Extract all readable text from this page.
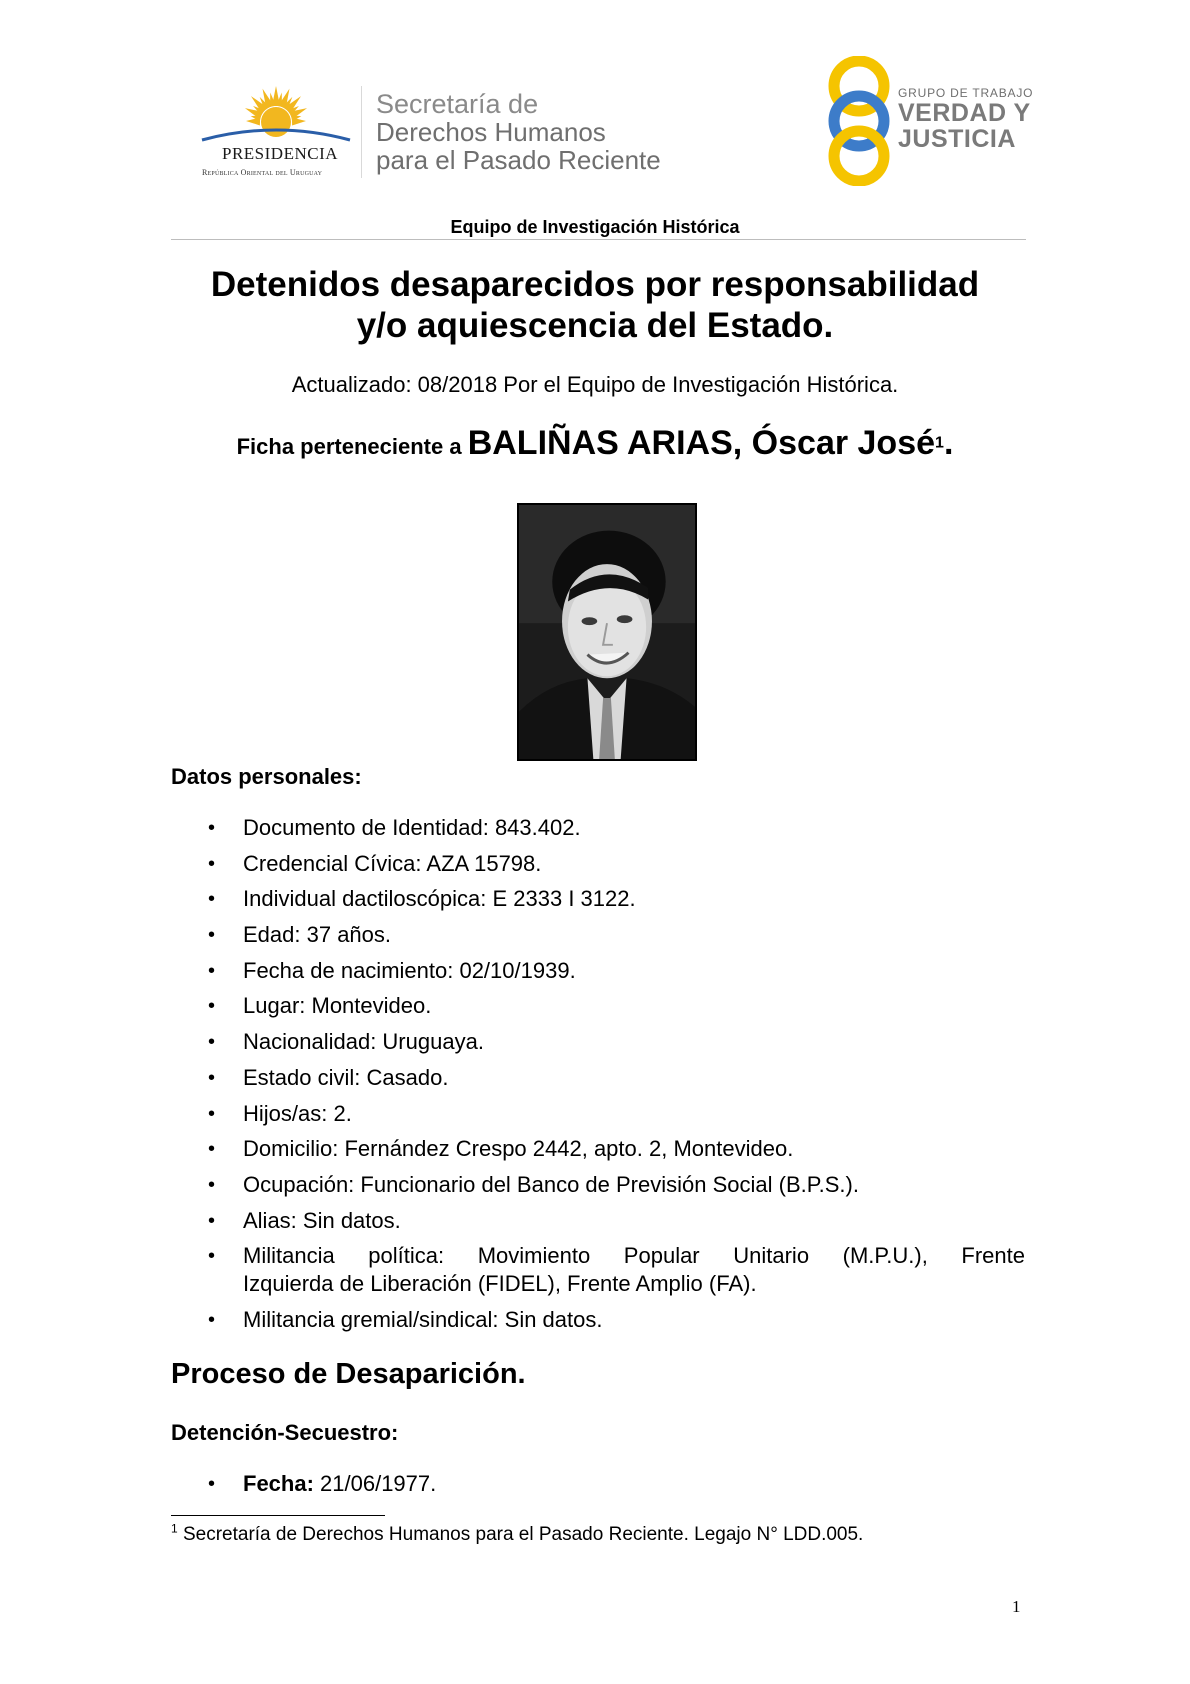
PRESIDENCIA
República Oriental del Uruguay
Secretaría de
Derechos Humanos
para el Pasado Reciente
GRUPO DE TRABAJO
VERDAD Y
JUSTICIA
Equipo de Investigación Histórica
Detenidos desaparecidos por responsabilidad
y/o aquiescencia del Estado.
Actualizado: 08/2018 Por el Equipo de Investigación Histórica.
Ficha perteneciente a BALIÑAS ARIAS, Óscar José$^1$.
Datos personales:
• Documento de Identidad: 843.402.
• Credencial Cívica: AZA 15798.
• Individual dactiloscópica: E 2333 I 3122.
• Edad: 37 años.
• Fecha de nacimiento: 02/10/1939.
• Lugar: Montevideo.
• Nacionalidad: Uruguaya.
• Estado civil: Casado.
• Hijos/as: 2.
• Domicilio: Fernández Crespo 2442, apto. 2, Montevideo.
• Ocupación: Funcionario del Banco de Previsión Social (B.P.S.).
• Alias: Sin datos.
• Militancia política: Movimiento Popular Unitario (M.P.U.), Frente
Izquierda de Liberación (FIDEL), Frente Amplio (FA).
• Militancia gremial/sindical: Sin datos.
Proceso de Desaparición.
Detención-Secuestro:
• Fecha: 21/06/1977.
$^1$ Secretaría de Derechos Humanos para el Pasado Reciente. Legajo N° LDD.005.
1
